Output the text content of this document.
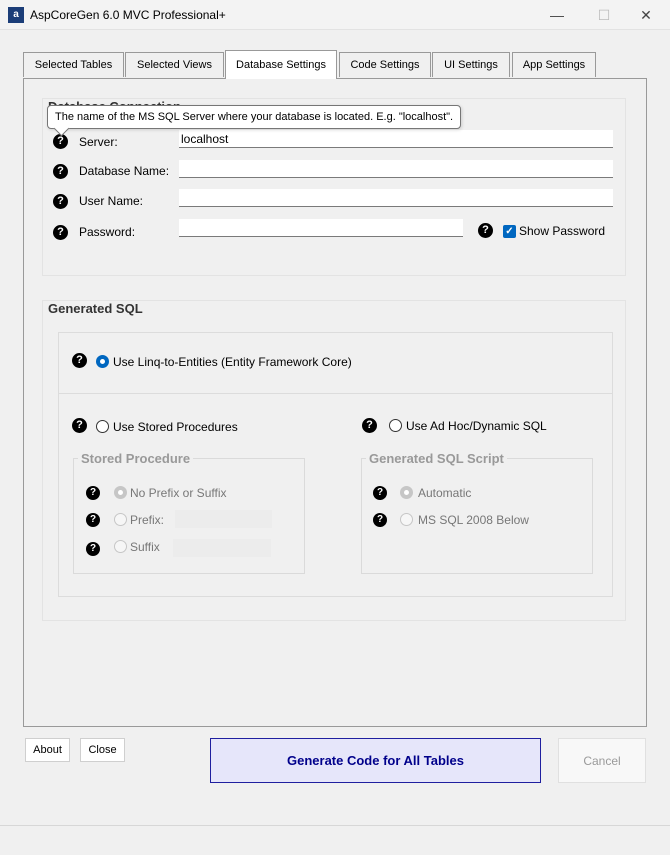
a AspCoreGen 6.0 MVC Professional+	—	☐	✕
Selected Tables	Selected Views	Database Settings	Code Settings	UI Settings	App Settings
?	Server:
localhost
?	Database Name:
?	User Name:
?	Password:	?	✓ Show Password
Generated SQL
?	Use Linq-to-Entities (Entity Framework Core)
?	Use Stored Procedures	?	Use Ad Hoc/Dynamic SQL
Stored Procedure
?	No Prefix or Suffix
?	Prefix:
?	Suffix
Generated SQL Script
?	Automatic
?	MS SQL 2008 Below
The name of the MS SQL Server where your database is located. E.g. "localhost".
About	Close
Generate Code for All Tables	Cancel
